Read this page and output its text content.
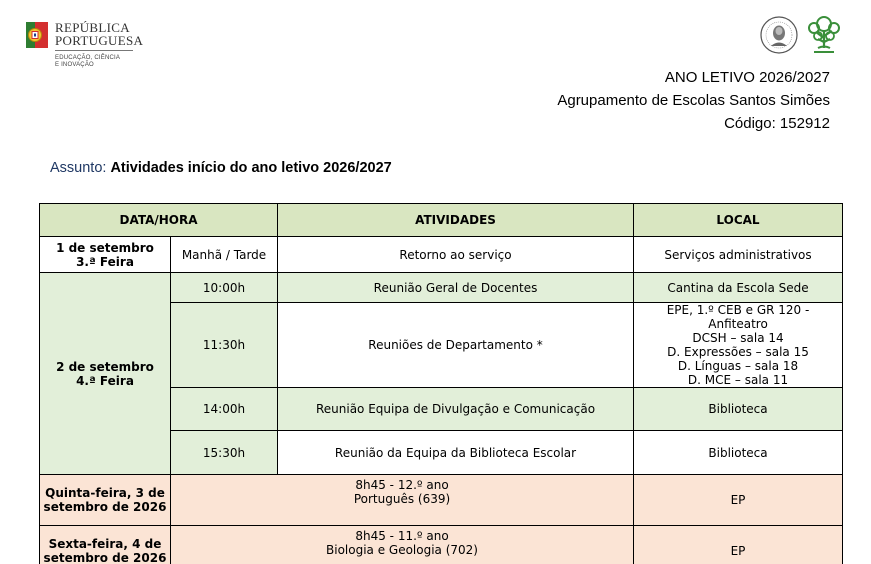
REPÚBLICA
PORTUGUESA
EDUCAÇÃO, CIÊNCIA
E INOVAÇÃO
ANO LETIVO 2026/2027
Agrupamento de Escolas Santos Simões
Código: 152912
Assunto: Atividades início do ano letivo 2026/2027
DATA/HORA		ATIVIDADES	LOCAL

1 de setembro
3.ª Feira	Manhã / Tarde	Retorno ao serviço	Serviços administrativos

2 de setembro
4.ª Feira	10:00h	Reunião Geral de Docentes	Cantina da Escola Sede
	11:30h	Reuniões de Departamento *	EPE, 1.º CEB e GR 120 - Anfiteatro
DCSH – sala 14
D. Expressões – sala 15
D. Línguas – sala 18
D. MCE – sala 11

	14:00h	Reunião Equipa de Divulgação e Comunicação	Biblioteca
	15:30h	Reunião da Equipa da Biblioteca Escolar	Biblioteca

Quinta-feira, 3 de
setembro de 2026	8h45 - 12.º ano
Português (639)		EP

Sexta-feira, 4 de
setembro de 2026	8h45 - 11.º ano
Biologia e Geologia (702)		EP
